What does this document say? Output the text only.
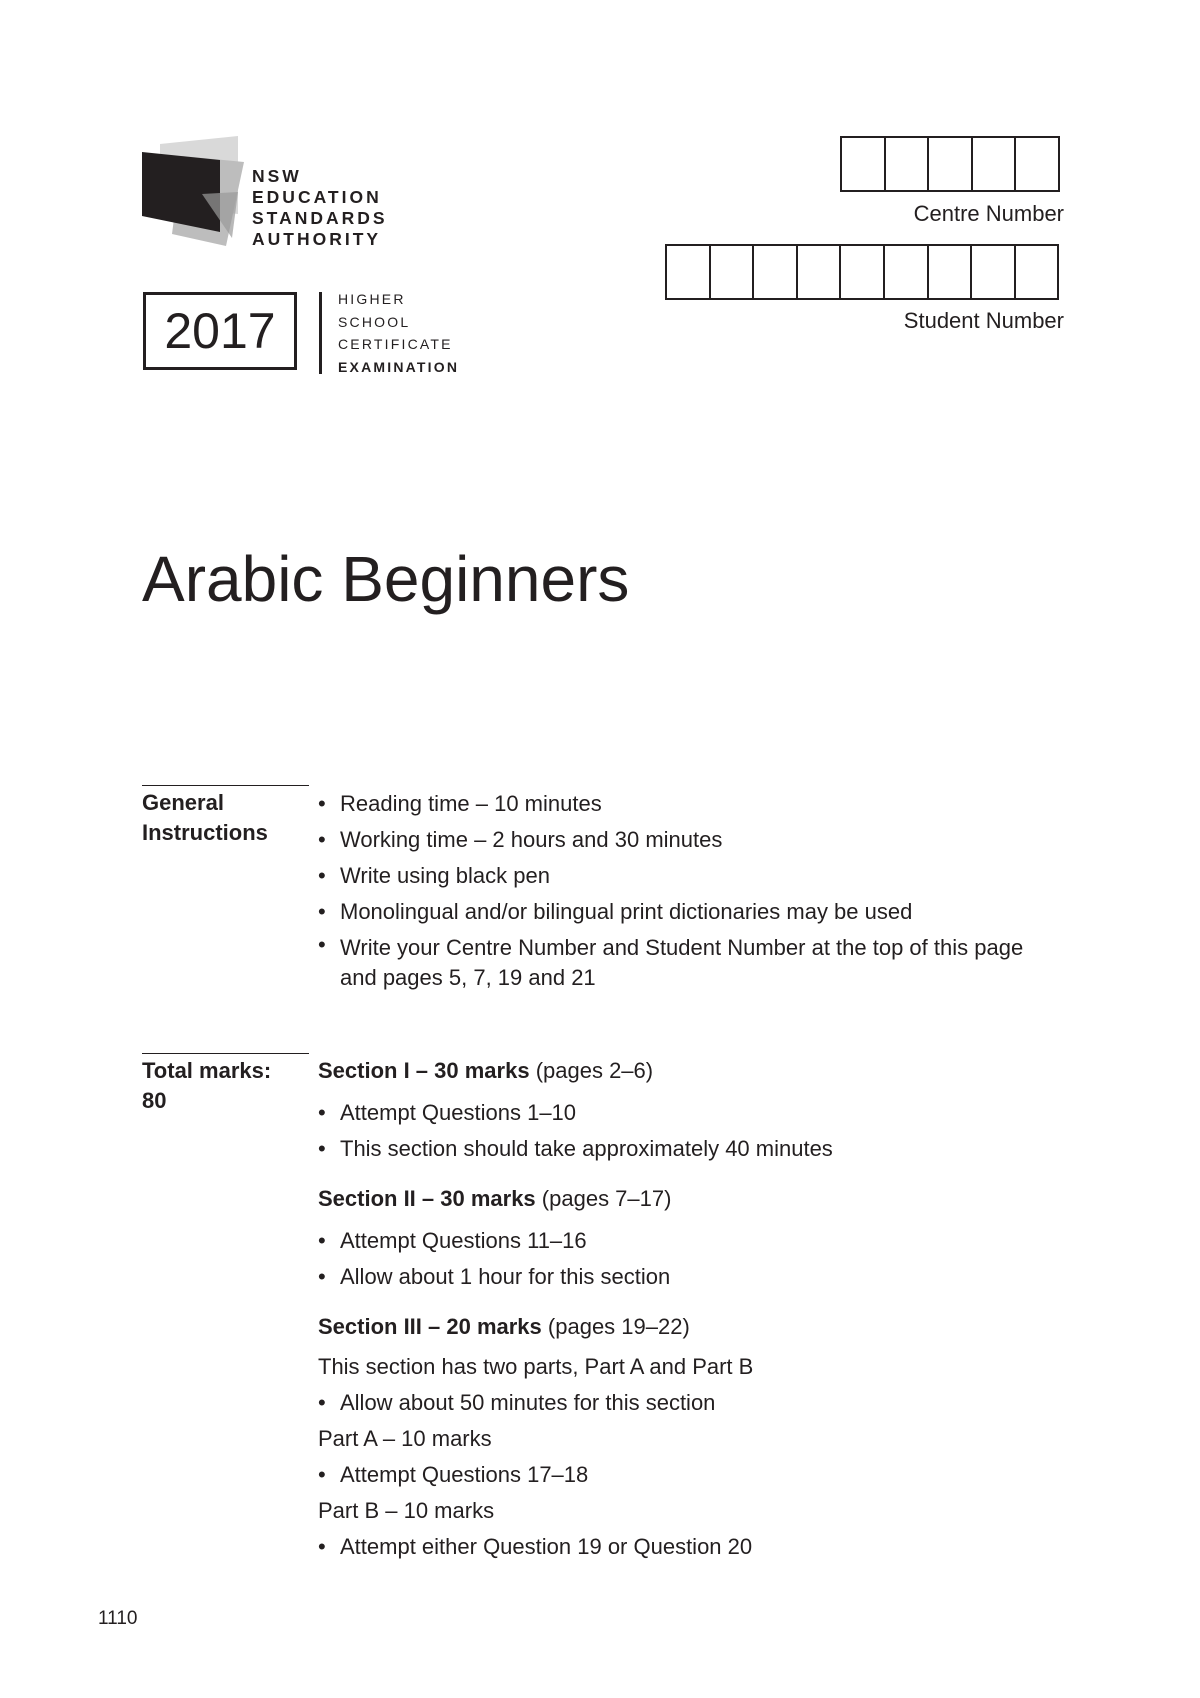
NSW
EDUCATION
STANDARDS
AUTHORITY
2017
HIGHER
SCHOOL
CERTIFICATE
EXAMINATION
Centre Number
Student Number
Arabic Beginners
General Instructions
• Reading time – 10 minutes
• Working time – 2 hours and 30 minutes
• Write using black pen
• Monolingual and/or bilingual print dictionaries may be used
• Write your Centre Number and Student Number at the top of this page and pages 5, 7, 19 and 21
Total marks:
80
Section I – 30 marks (pages 2–6)
• Attempt Questions 1–10
• This section should take approximately 40 minutes
Section II – 30 marks (pages 7–17)
• Attempt Questions 11–16
• Allow about 1 hour for this section
Section III – 20 marks (pages 19–22)
This section has two parts, Part A and Part B
• Allow about 50 minutes for this section
Part A – 10 marks
• Attempt Questions 17–18
Part B – 10 marks
• Attempt either Question 19 or Question 20
1110
